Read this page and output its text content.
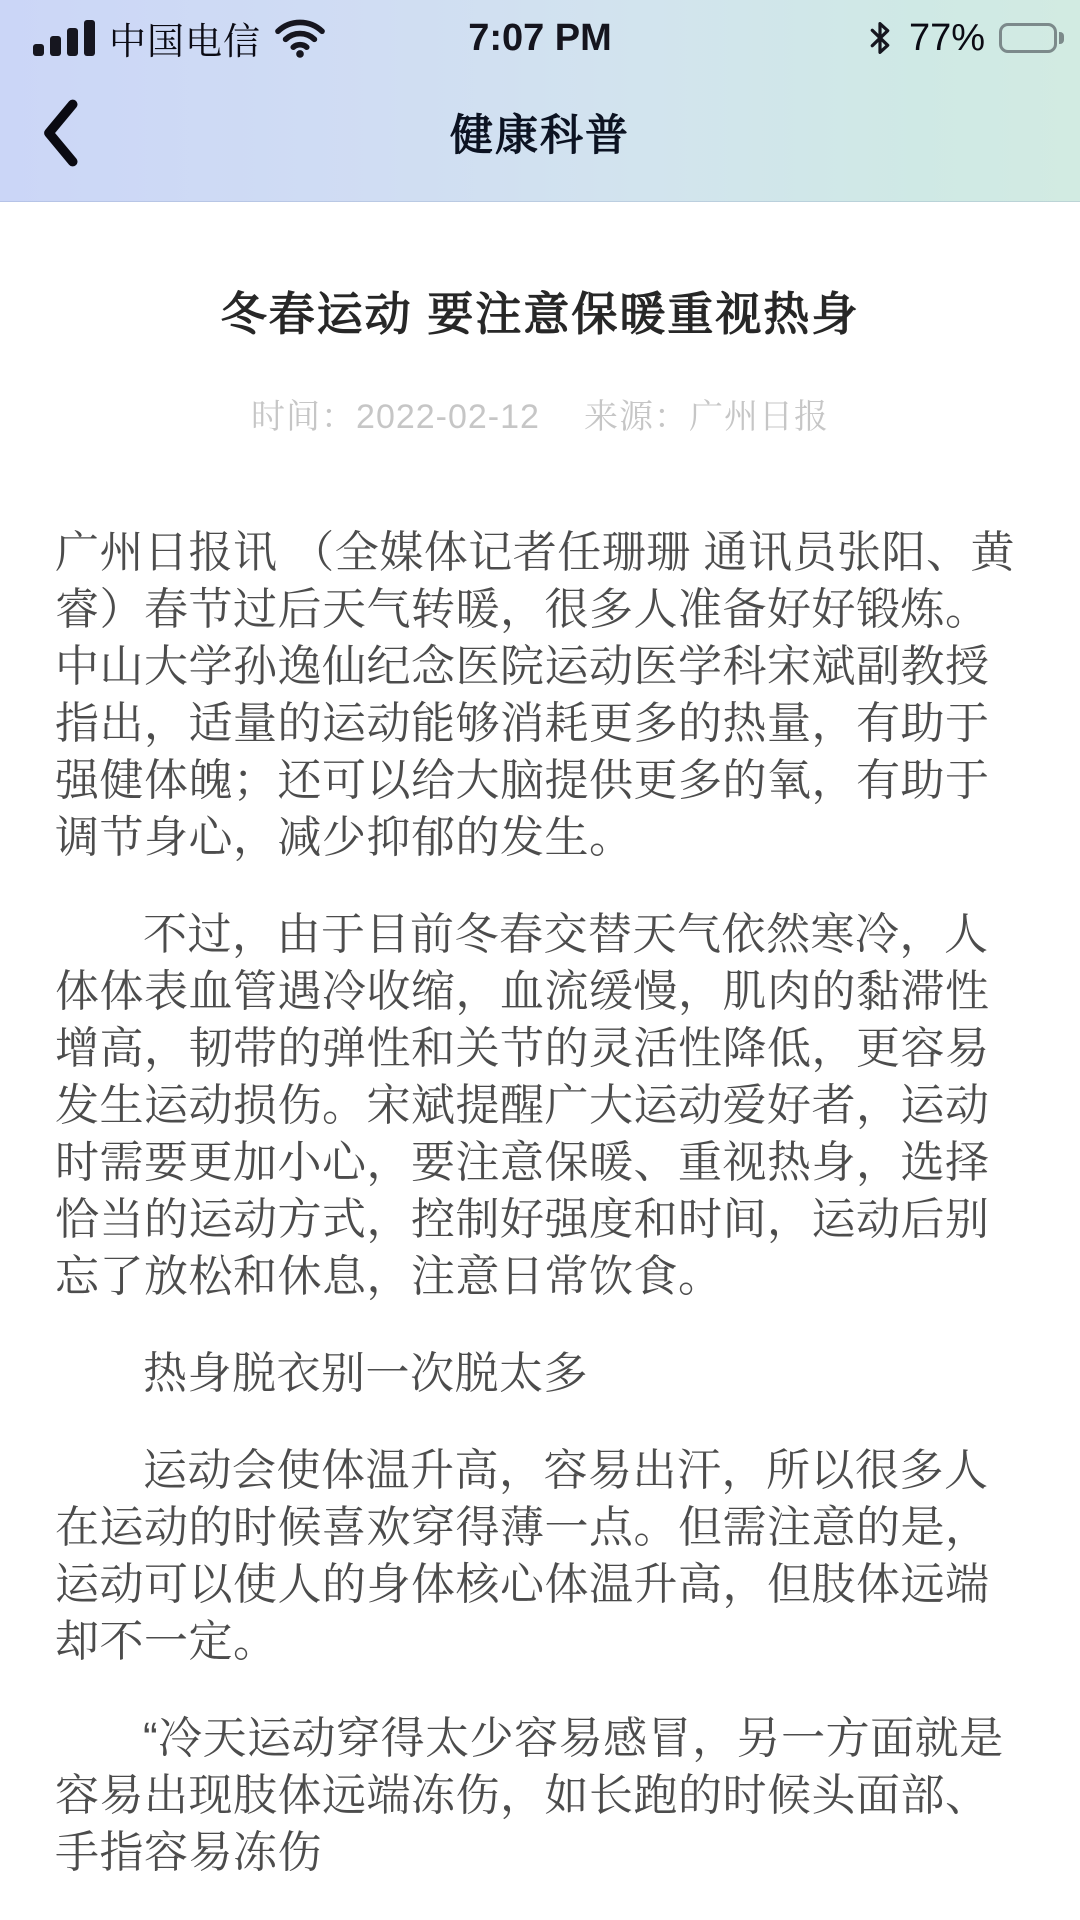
中国电信	7:07 PM	77%
健康科普
冬春运动 要注意保暖重视热身
时间：2022-02-12 来源：广州日报

广州日报讯 （全媒体记者任珊珊 通讯员张阳、黄睿）春节过后天气转暖，很多人准备好好锻炼。中山大学孙逸仙纪念医院运动医学科宋斌副教授指出，适量的运动能够消耗更多的热量，有助于强健体魄；还可以给大脑提供更多的氧，有助于调节身心，减少抑郁的发生。

不过，由于目前冬春交替天气依然寒冷，人体体表血管遇冷收缩，血流缓慢，肌肉的黏滞性增高，韧带的弹性和关节的灵活性降低，更容易发生运动损伤。宋斌提醒广大运动爱好者，运动时需要更加小心，要注意保暖、重视热身，选择恰当的运动方式，控制好强度和时间，运动后别忘了放松和休息，注意日常饮食。

热身脱衣别一次脱太多

运动会使体温升高，容易出汗，所以很多人在运动的时候喜欢穿得薄一点。但需注意的是，运动可以使人的身体核心体温升高，但肢体远端却不一定。

“冷天运动穿得太少容易感冒，另一方面就是容易出现肢体远端冻伤，如长跑的时候头面部、手指容易冻伤
